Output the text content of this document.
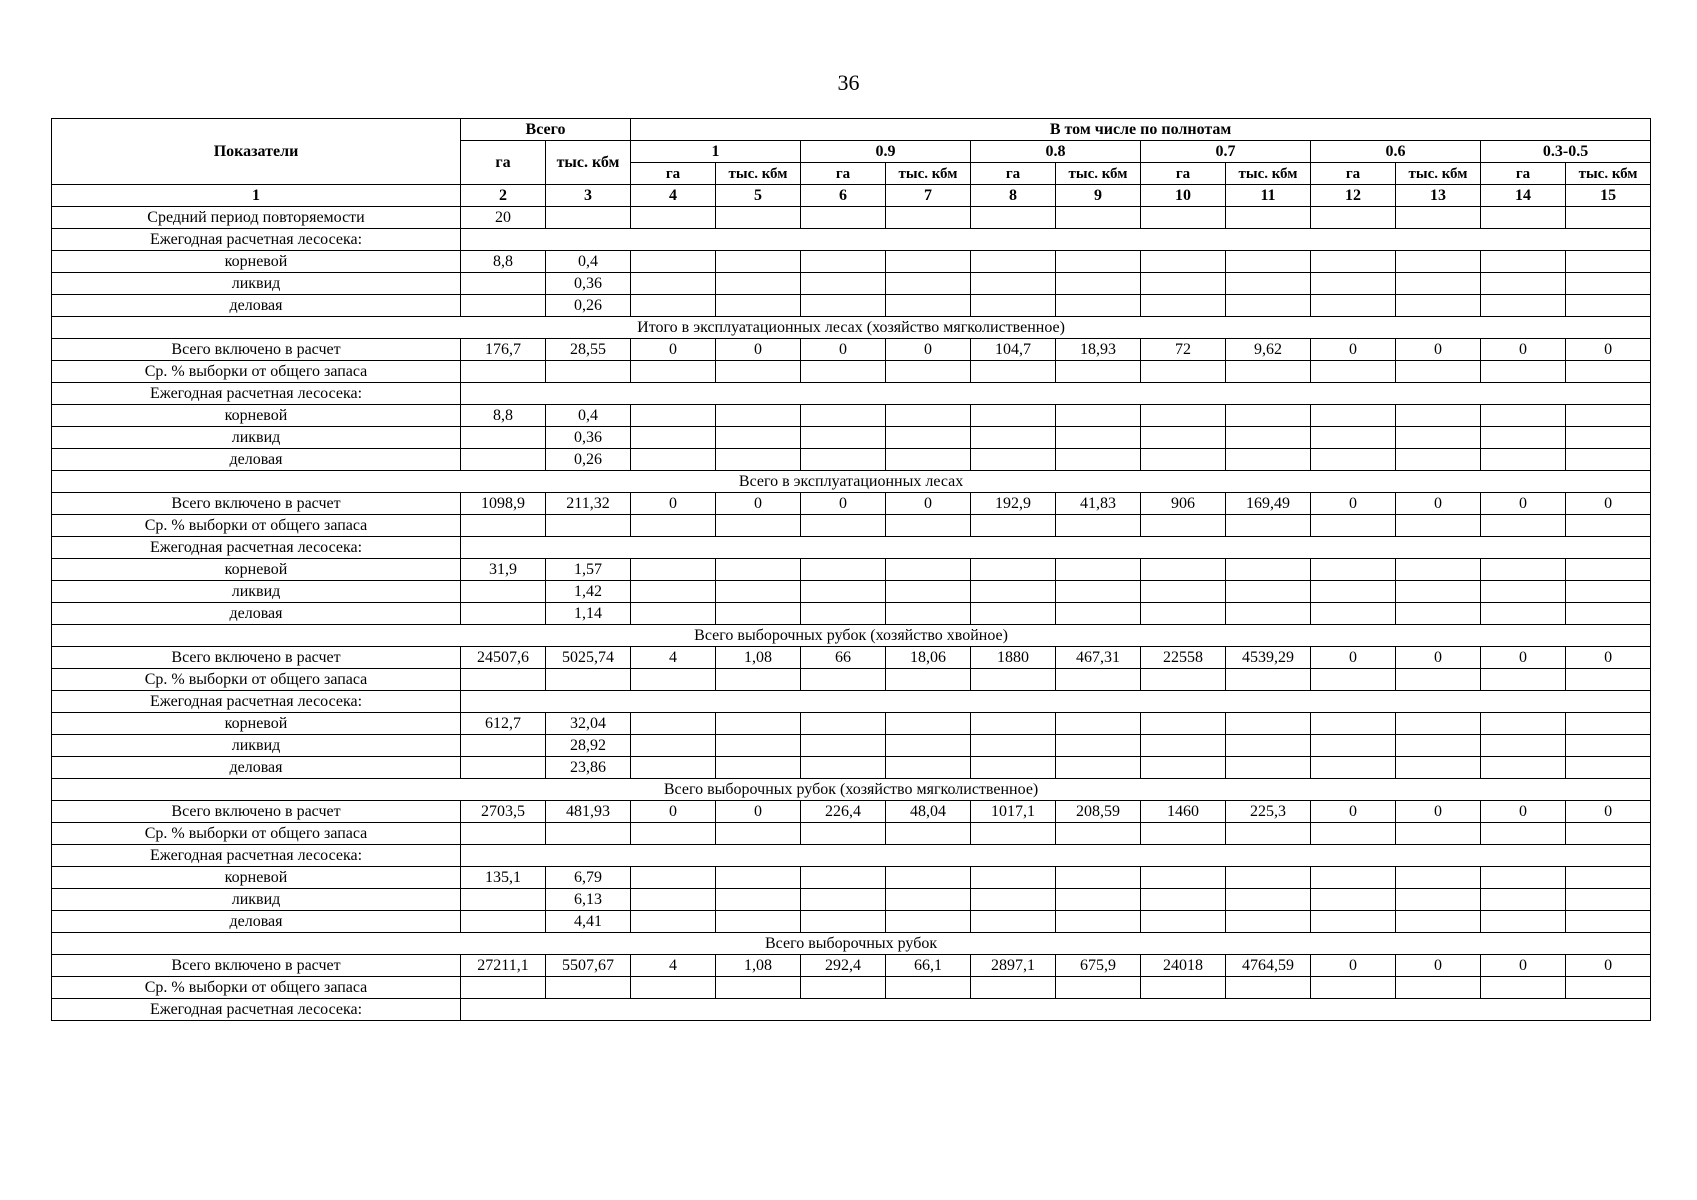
36
Показатели	Всего		В том числе по полнотам											
	га	тыс. кбм	1		0.9		0.8		0.7		0.6		0.3-0.5	
			га	тыс. кбм	га	тыс. кбм	га	тыс. кбм	га	тыс. кбм	га	тыс. кбм	га	тыс. кбм
1	2	3	4	5	6	7	8	9	10	11	12	13	14	15
Средний период повторяемости	20													
Ежегодная расчетная лесосека:														
корневой	8,8	0,4												
ликвид		0,36												
деловая		0,26												
Итого в эксплуатационных лесах (хозяйство мягколиственное)														
Всего включено в расчет	176,7	28,55	0	0	0	0	104,7	18,93	72	9,62	0	0	0	0
Ср. % выборки от общего запаса														
Ежегодная расчетная лесосека:														
корневой	8,8	0,4												
ликвид		0,36												
деловая		0,26												
Всего в эксплуатационных лесах														
Всего включено в расчет	1098,9	211,32	0	0	0	0	192,9	41,83	906	169,49	0	0	0	0
Ср. % выборки от общего запаса														
Ежегодная расчетная лесосека:														
корневой	31,9	1,57												
ликвид		1,42												
деловая		1,14												
Всего выборочных рубок (хозяйство хвойное)														
Всего включено в расчет	24507,6	5025,74	4	1,08	66	18,06	1880	467,31	22558	4539,29	0	0	0	0
Ср. % выборки от общего запаса														
Ежегодная расчетная лесосека:														
корневой	612,7	32,04												
ликвид		28,92												
деловая		23,86												
Всего выборочных рубок (хозяйство мягколиственное)														
Всего включено в расчет	2703,5	481,93	0	0	226,4	48,04	1017,1	208,59	1460	225,3	0	0	0	0
Ср. % выборки от общего запаса														
Ежегодная расчетная лесосека:														
корневой	135,1	6,79												
ликвид		6,13												
деловая		4,41												
Всего выборочных рубок														
Всего включено в расчет	27211,1	5507,67	4	1,08	292,4	66,1	2897,1	675,9	24018	4764,59	0	0	0	0
Ср. % выборки от общего запаса														
Ежегодная расчетная лесосека:														
